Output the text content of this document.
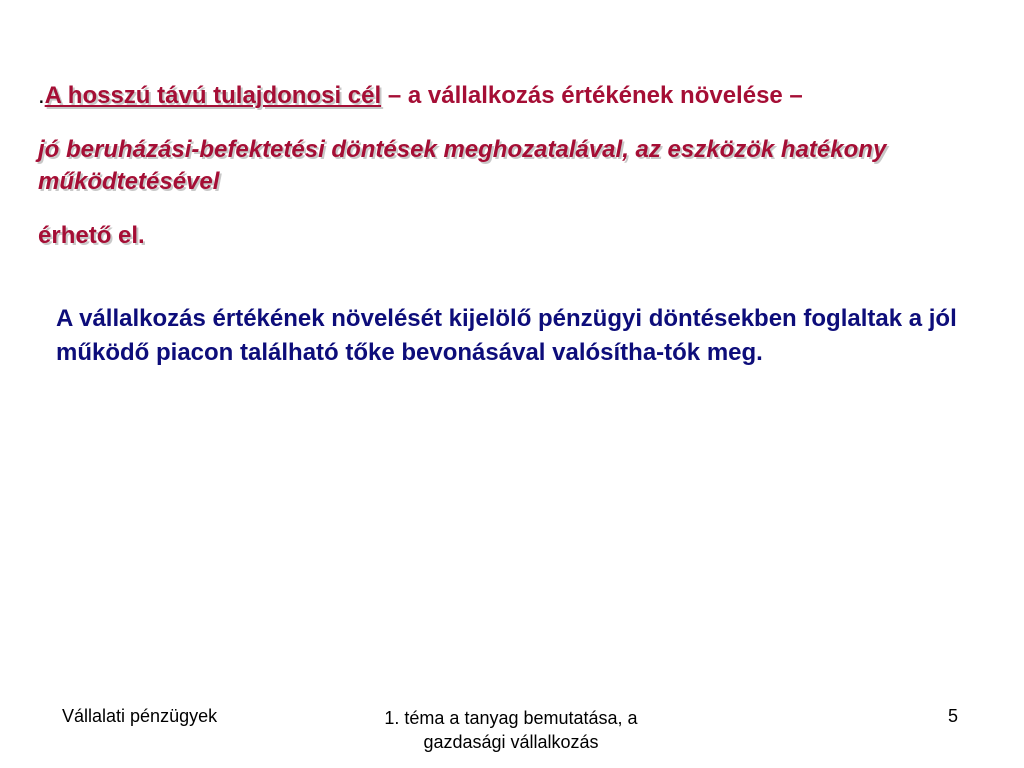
.A hosszú távú tulajdonosi cél – a vállalkozás értékének növelése –
jó beruházási-befektetési döntések meghozatalával, az eszközök hatékony működtetésével
érhető el.
A vállalkozás értékének növelését kijelölő pénzügyi döntésekben foglaltak a jól működő piacon található tőke bevonásával valósítha-tók meg.
Vállalati pénzügyek	1. téma a tanyag bemutatása, a gazdasági vállalkozás
5
